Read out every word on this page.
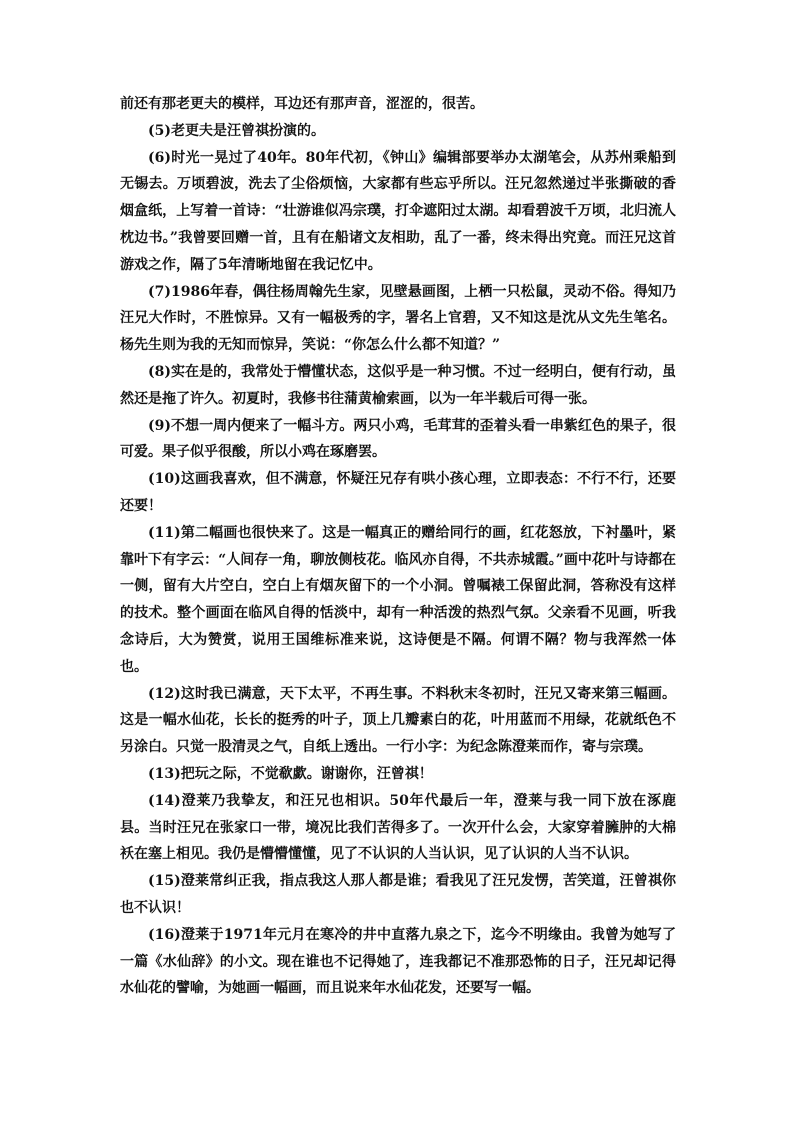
前还有那老更夫的模样，耳边还有那声音，涩涩的，很苦。

(5)老更夫是汪曾祺扮演的。

(6)时光一晃过了40年。80年代初，《钟山》编辑部要举办太湖笔会，从苏州乘船到无锡去。万顷碧波，洗去了尘俗烦恼，大家都有些忘乎所以。汪兄忽然递过半张撕破的香烟盒纸，上写着一首诗：“壮游谁似冯宗璞，打伞遮阳过太湖。却看碧波千万顷，北归流人枕边书。”我曾要回赠一首，且有在船诸文友相助，乱了一番，终未得出究竟。而汪兄这首游戏之作，隔了5年清晰地留在我记忆中。

(7)1986年春，偶往杨周翰先生家，见壁悬画图，上栖一只松鼠，灵动不俗。得知乃汪兄大作时，不胜惊异。又有一幅极秀的字，署名上官碧，又不知这是沈从文先生笔名。杨先生则为我的无知而惊异，笑说：“你怎么什么都不知道？”

(8)实在是的，我常处于懵懂状态，这似乎是一种习惯。不过一经明白，便有行动，虽然还是拖了许久。初夏时，我修书往蒲黄榆索画，以为一年半载后可得一张。

(9)不想一周内便来了一幅斗方。两只小鸡，毛茸茸的歪着头看一串紫红色的果子，很可爱。果子似乎很酸，所以小鸡在琢磨罢。

(10)这画我喜欢，但不满意，怀疑汪兄存有哄小孩心理，立即表态：不行不行，还要还要！

(11)第二幅画也很快来了。这是一幅真正的赠给同行的画，红花怒放，下衬墨叶，紧靠叶下有字云：“人间存一角，聊放侧枝花。临风亦自得，不共赤城霞。”画中花叶与诗都在一侧，留有大片空白，空白上有烟灰留下的一个小洞。曾嘱裱工保留此洞，答称没有这样的技术。整个画面在临风自得的恬淡中，却有一种活泼的热烈气氛。父亲看不见画，听我念诗后，大为赞赏，说用王国维标准来说，这诗便是不隔。何谓不隔？物与我浑然一体也。

(12)这时我已满意，天下太平，不再生事。不料秋末冬初时，汪兄又寄来第三幅画。这是一幅水仙花，长长的挺秀的叶子，顶上几瓣素白的花，叶用蓝而不用绿，花就纸色不另涂白。只觉一股清灵之气，自纸上透出。一行小字：为纪念陈澄莱而作，寄与宗璞。

(13)把玩之际，不觉欷歔。谢谢你，汪曾祺！

(14)澄莱乃我挚友，和汪兄也相识。50年代最后一年，澄莱与我一同下放在涿鹿县。当时汪兄在张家口一带，境况比我们苦得多了。一次开什么会，大家穿着臃肿的大棉袄在塞上相见。我仍是懵懵懂懂，见了不认识的人当认识，见了认识的人当不认识。

(15)澄莱常纠正我，指点我这人那人都是谁；看我见了汪兄发愣，苦笑道，汪曾祺你也不认识！

(16)澄莱于1971年元月在寒冷的井中直落九泉之下，迄今不明缘由。我曾为她写了一篇《水仙辞》的小文。现在谁也不记得她了，连我都记不准那恐怖的日子，汪兄却记得水仙花的譬喻，为她画一幅画，而且说来年水仙花发，还要写一幅。
